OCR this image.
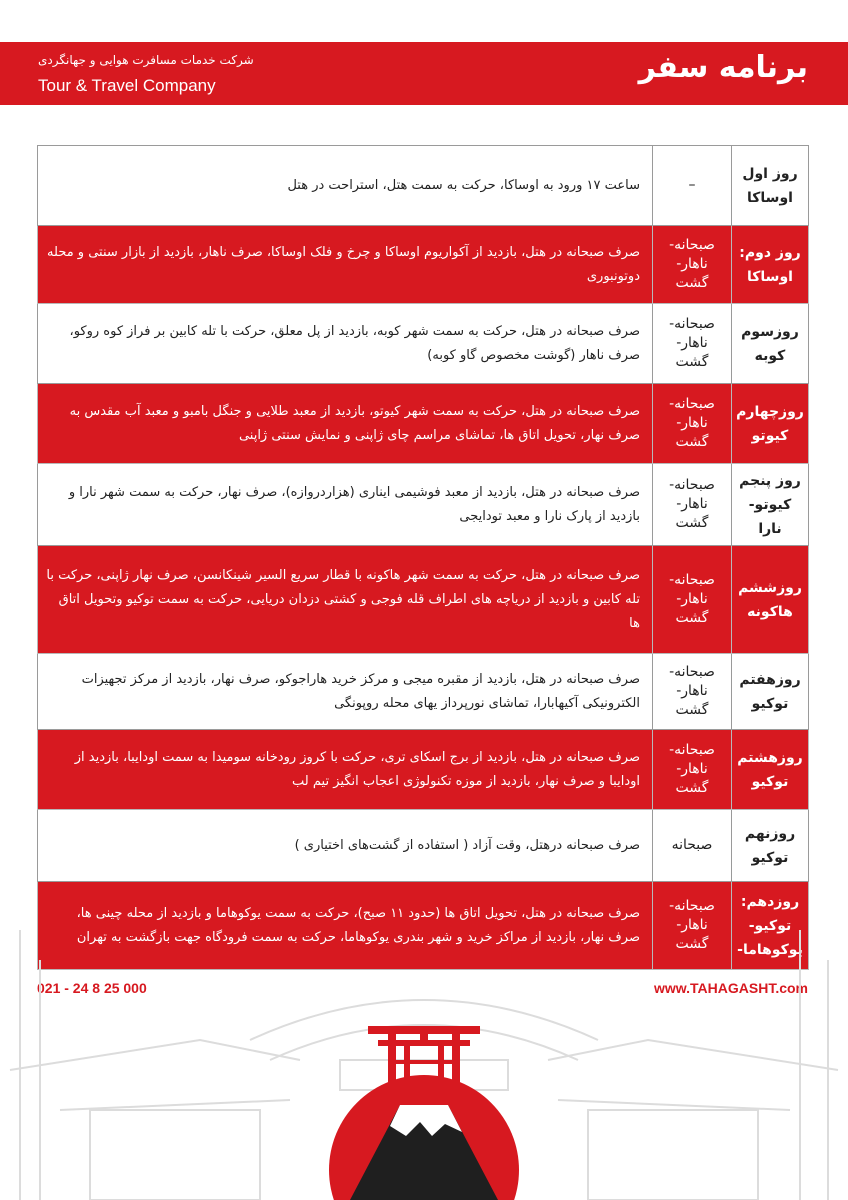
برنامه سفر
شرکت خدمات مسافرت هوایی و جهانگردی
Tour & Travel Company
روز اول
اوساکا	–	ساعت ۱۷ ورود به اوساکا، حرکت به سمت هتل، استراحت در هتل

روز دوم:
اوساکا	صبحانه-
ناهار-
گشت	صرف صبحانه در هتل، بازدید از آکواریوم اوساکا و چرخ و فلک اوساکا، صرف ناهار، بازدید از بازار سنتی و محله دوتونبوری

روزسوم
کوبه	صبحانه-
ناهار-
گشت	صرف صبحانه در هتل، حرکت به سمت شهر کوبه، بازدید از پل معلق، حرکت با تله کابین بر فراز کوه روکو، صرف ناهار (گوشت مخصوص گاو کوبه)

روزچهارم
کیوتو	صبحانه-
ناهار-
گشت	صرف صبحانه در هتل، حرکت به سمت شهر کیوتو، بازدید از معبد طلایی و جنگل بامبو و معبد آب مقدس به صرف نهار، تحویل اتاق ها، تماشای مراسم چای ژاپنی و نمایش سنتی ژاپنی

روز پنجم
کیوتو-
نارا	صبحانه-
ناهار-
گشت	صرف صبحانه در هتل، بازدید از معبد فوشیمی ایناری (هزاردروازه)، صرف نهار، حرکت به سمت شهر نارا و بازدید از پارک نارا و معبد تودایجی

روزششم
هاکونه	صبحانه-
ناهار-
گشت	صرف صبحانه در هتل، حرکت به سمت شهر هاکونه با قطار سریع السیر شینکانسن، صرف نهار ژاپنی، حرکت با تله کابین و بازدید از دریاچه های اطراف قله فوجی و کشتی دزدان دریایی، حرکت به سمت توکیو وتحویل اتاق ها

روزهفتم
توکیو	صبحانه-
ناهار-
گشت	صرف صبحانه در هتل، بازدید از مقبره میجی و مرکز خرید هاراجوکو، صرف نهار، بازدید از مرکز تجهیزات الکترونیکی آکیهابارا، تماشای نورپرداز یهای محله روپونگی

روزهشتم
توکیو	صبحانه-
ناهار-
گشت	صرف صبحانه در هتل، بازدید از برج اسکای تری، حرکت با کروز رودخانه سومیدا به سمت اودایبا، بازدید از اودایبا و صرف نهار، بازدید از موزه تکنولوژی اعجاب انگیز تیم لب

روزنهم
توکیو	صبحانه	صرف صبحانه درهتل، وقت آزاد ( استفاده از گشت‌های اختیاری )

روزدهم:
توکیو-
یوکوهاما-	صبحانه-
ناهار-
گشت	صرف صبحانه در هتل، تحویل اتاق ها (حدود ۱۱ صبح)، حرکت به سمت یوکوهاما و بازدید از محله چینی ها، صرف نهار، بازدید از مراکز خرید و شهر بندری یوکوهاما، حرکت به سمت فرودگاه جهت بازگشت به تهران
021 - 24 8 25 000	www.TAHAGASHT.com
